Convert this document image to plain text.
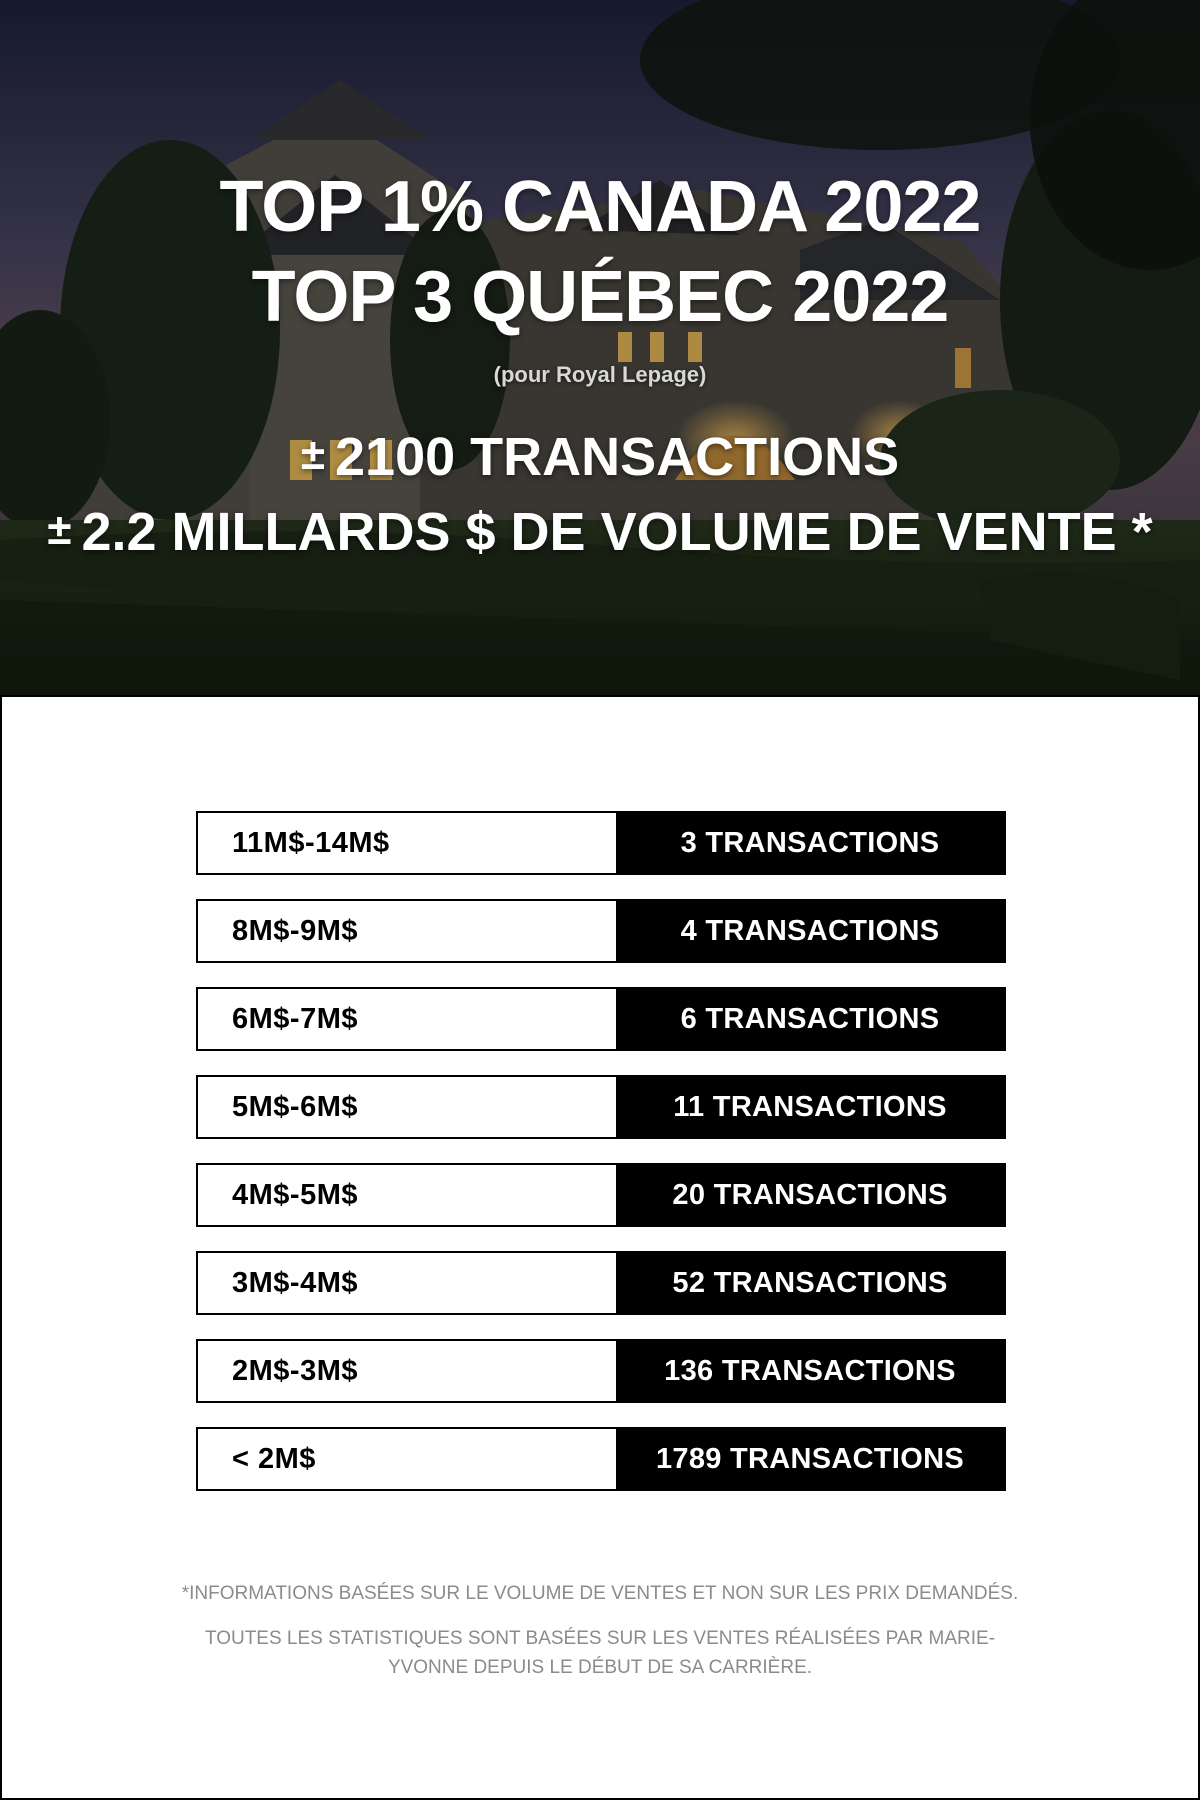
TOP 1% CANADA 2022
TOP 3 QUÉBEC 2022
(pour Royal Lepage)
± 2100 TRANSACTIONS
± 2.2 MILLARDS $ DE VOLUME DE VENTE *
11M$-14M$	3 TRANSACTIONS
8M$-9M$	4 TRANSACTIONS
6M$-7M$	6 TRANSACTIONS
5M$-6M$	11 TRANSACTIONS
4M$-5M$	20 TRANSACTIONS
3M$-4M$	52 TRANSACTIONS
2M$-3M$	136 TRANSACTIONS
< 2M$	1789 TRANSACTIONS

*INFORMATIONS BASÉES SUR LE VOLUME DE VENTES ET NON SUR LES PRIX DEMANDÉS.

TOUTES LES STATISTIQUES SONT BASÉES SUR LES VENTES RÉALISÉES PAR MARIE-YVONNE DEPUIS LE DÉBUT DE SA CARRIÈRE.
